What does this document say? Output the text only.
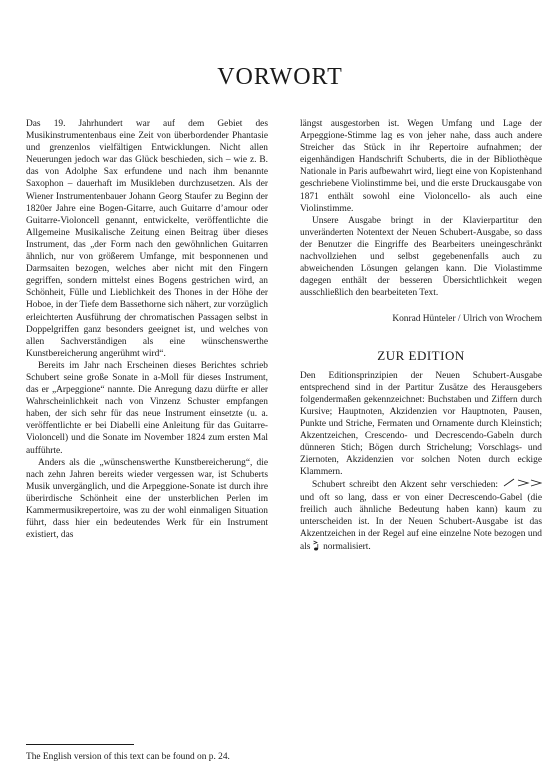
VORWORT

Das 19. Jahrhundert war auf dem Gebiet des Musikinstrumentenbaus eine Zeit von überbordender Phantasie und grenzenlos vielfältigen Entwicklungen. Nicht allen Neuerungen jedoch war das Glück beschieden, sich – wie z. B. das von Adolphe Sax erfundene und nach ihm benannte Saxophon – dauerhaft im Musikleben durchzusetzen. Als der Wiener Instrumentenbauer Johann Georg Staufer zu Beginn der 1820er Jahre eine Bogen-Gitarre, auch Guitarre d’amour oder Guitarre-Violoncell genannt, entwickelte, veröffentlichte die Allgemeine Musikalische Zeitung einen Beitrag über dieses Instrument, das „der Form nach den gewöhnlichen Guitarren ähnlich, nur von größerem Umfange, mit besponnenen und Darmsaiten bezogen, welches aber nicht mit den Fingern gegriffen, sondern mittelst eines Bogens gestrichen wird, an Schönheit, Fülle und Lieblichkeit des Thones in der Höhe der Hoboe, in der Tiefe dem Bassethorne sich nähert, zur vorzüglich erleichterten Ausführung der chromatischen Passagen selbst in Doppelgriffen ganz besonders geeignet ist, und welches von allen Sachverständigen als eine wünschenswerthe Kunstbereicherung angerühmt wird“.

Bereits im Jahr nach Erscheinen dieses Berichtes schrieb Schubert seine große Sonate in a-Moll für dieses Instrument, das er „Arpeggione“ nannte. Die Anregung dazu dürfte er aller Wahrscheinlichkeit nach von Vinzenz Schuster empfangen haben, der sich sehr für das neue Instrument einsetzte (u. a. veröffentlichte er bei Diabelli eine Anleitung für das Guitarre-Violoncell) und die Sonate im November 1824 zum ersten Mal aufführte.

Anders als die „wünschenswerthe Kunstbereicherung“, die nach zehn Jahren bereits wieder vergessen war, ist Schuberts Musik unvergänglich, und die Arpeggione-Sonate ist durch ihre überirdische Schönheit eine der unsterblichen Perlen im Kammermusikrepertoire, was zu der wohl einmaligen Situation führt, dass hier ein bedeutendes Werk für ein Instrument existiert, das

längst ausgestorben ist. Wegen Umfang und Lage der Arpeggione-Stimme lag es von jeher nahe, dass auch andere Streicher das Stück in ihr Repertoire aufnahmen; der eigenhändigen Handschrift Schuberts, die in der Bibliothèque Nationale in Paris aufbewahrt wird, liegt eine von Kopistenhand geschriebene Violinstimme bei, und die erste Druckausgabe von 1871 enthält sowohl eine Violoncello- als auch eine Violinstimme.

Unsere Ausgabe bringt in der Klavierpartitur den unveränderten Notentext der Neuen Schubert-Ausgabe, so dass der Benutzer die Eingriffe des Bearbeiters uneingeschränkt nachvollziehen und selbst gegebenenfalls auch zu abweichenden Lösungen gelangen kann. Die Violastimme dagegen enthält der besseren Übersichtlichkeit wegen ausschließlich den bearbeiteten Text.

Konrad Hünteler / Ulrich von Wrochem
ZUR EDITION

Den Editionsprinzipien der Neuen Schubert-Ausgabe entsprechend sind in der Partitur Zusätze des Herausgebers folgendermaßen gekennzeichnet: Buchstaben und Ziffern durch Kursive; Hauptnoten, Akzidenzien vor Hauptnoten, Pausen, Punkte und Striche, Fermaten und Ornamente durch Kleinstich; Akzentzeichen, Crescendo- und Decrescendo-Gabeln durch dünneren Stich; Bögen durch Strichelung; Vorschlags- und Ziernoten, Akzidenzien vor solchen Noten durch eckige Klammern.

Schubert schreibt den Akzent sehr verschieden:  und oft so lang, dass er von einer Decrescendo-Gabel (die freilich auch ähnliche Bedeutung haben kann) kaum zu unterscheiden ist. In der Neuen Schubert-Ausgabe ist das Akzentzeichen in der Regel auf eine einzelne Note bezogen und als normalisiert.

The English version of this text can be found on p. 24.
